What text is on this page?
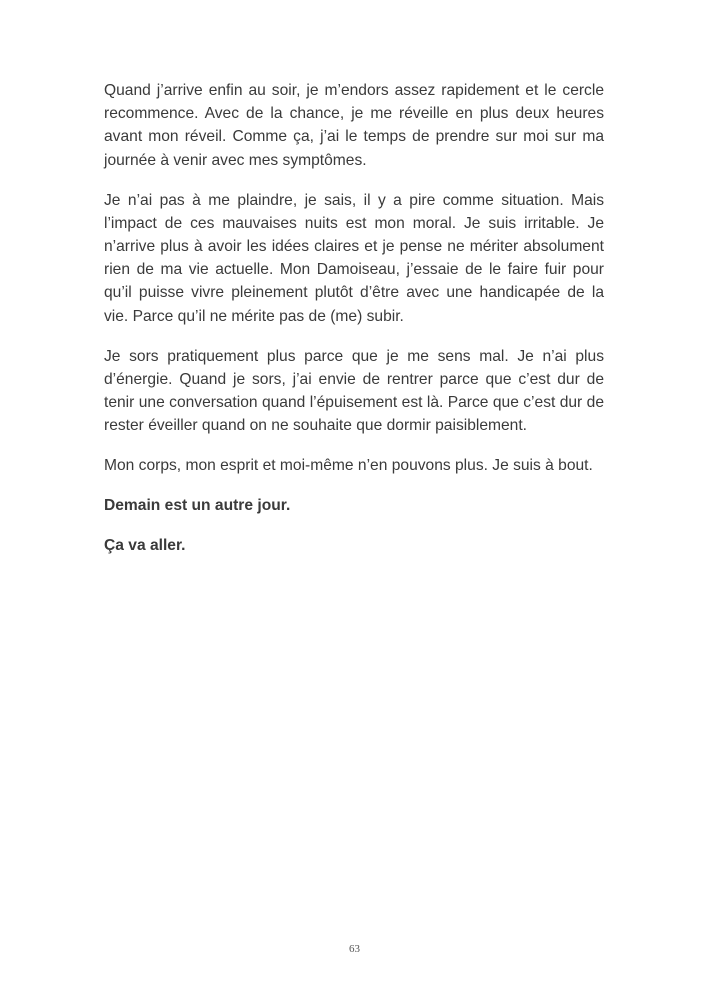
Quand j’arrive enfin au soir, je m’endors assez rapidement et le cercle recommence. Avec de la chance, je me réveille en plus deux heures avant mon réveil. Comme ça, j’ai le temps de prendre sur moi sur ma journée à venir avec mes symptômes.

Je n’ai pas à me plaindre, je sais, il y a pire comme situation. Mais l’impact de ces mauvaises nuits est mon moral. Je suis irritable. Je n’arrive plus à avoir les idées claires et je pense ne mériter absolument rien de ma vie actuelle. Mon Damoiseau, j’essaie de le faire fuir pour qu’il puisse vivre pleinement plutôt d’être avec une handicapée de la vie. Parce qu’il ne mérite pas de (me) subir.

Je sors pratiquement plus parce que je me sens mal. Je n’ai plus d’énergie. Quand je sors, j’ai envie de rentrer parce que c’est dur de tenir une conversation quand l’épuisement est là. Parce que c’est dur de rester éveiller quand on ne souhaite que dormir paisiblement.

Mon corps, mon esprit et moi-même n’en pouvons plus. Je suis à bout.

Demain est un autre jour.

Ça va aller.

63
